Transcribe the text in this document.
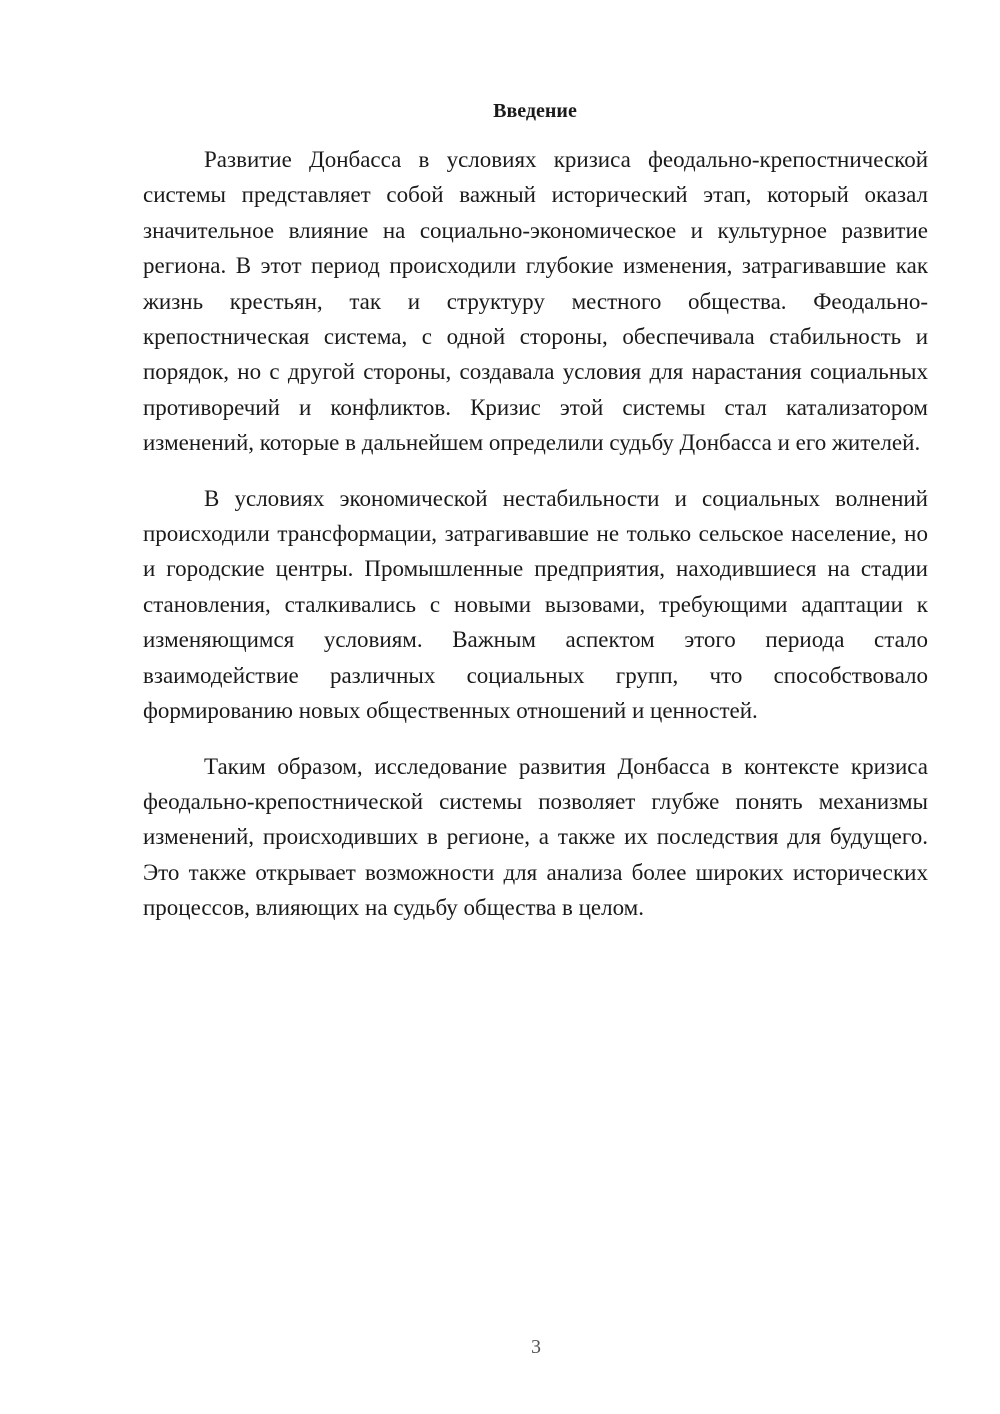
Введение

Развитие Донбасса в условиях кризиса феодально-крепостнической системы представляет собой важный исторический этап, который оказал значительное влияние на социально-экономическое и культурное развитие региона. В этот период происходили глубокие изменения, затрагивавшие как жизнь крестьян, так и структуру местного общества. Феодально-крепостническая система, с одной стороны, обеспечивала стабильность и порядок, но с другой стороны, создавала условия для нарастания социальных противоречий и конфликтов. Кризис этой системы стал катализатором изменений, которые в дальнейшем определили судьбу Донбасса и его жителей.

В условиях экономической нестабильности и социальных волнений происходили трансформации, затрагивавшие не только сельское население, но и городские центры. Промышленные предприятия, находившиеся на стадии становления, сталкивались с новыми вызовами, требующими адаптации к изменяющимся условиям. Важным аспектом этого периода стало взаимодействие различных социальных групп, что способствовало формированию новых общественных отношений и ценностей.

Таким образом, исследование развития Донбасса в контексте кризиса феодально-крепостнической системы позволяет глубже понять механизмы изменений, происходивших в регионе, а также их последствия для будущего. Это также открывает возможности для анализа более широких исторических процессов, влияющих на судьбу общества в целом.

3
